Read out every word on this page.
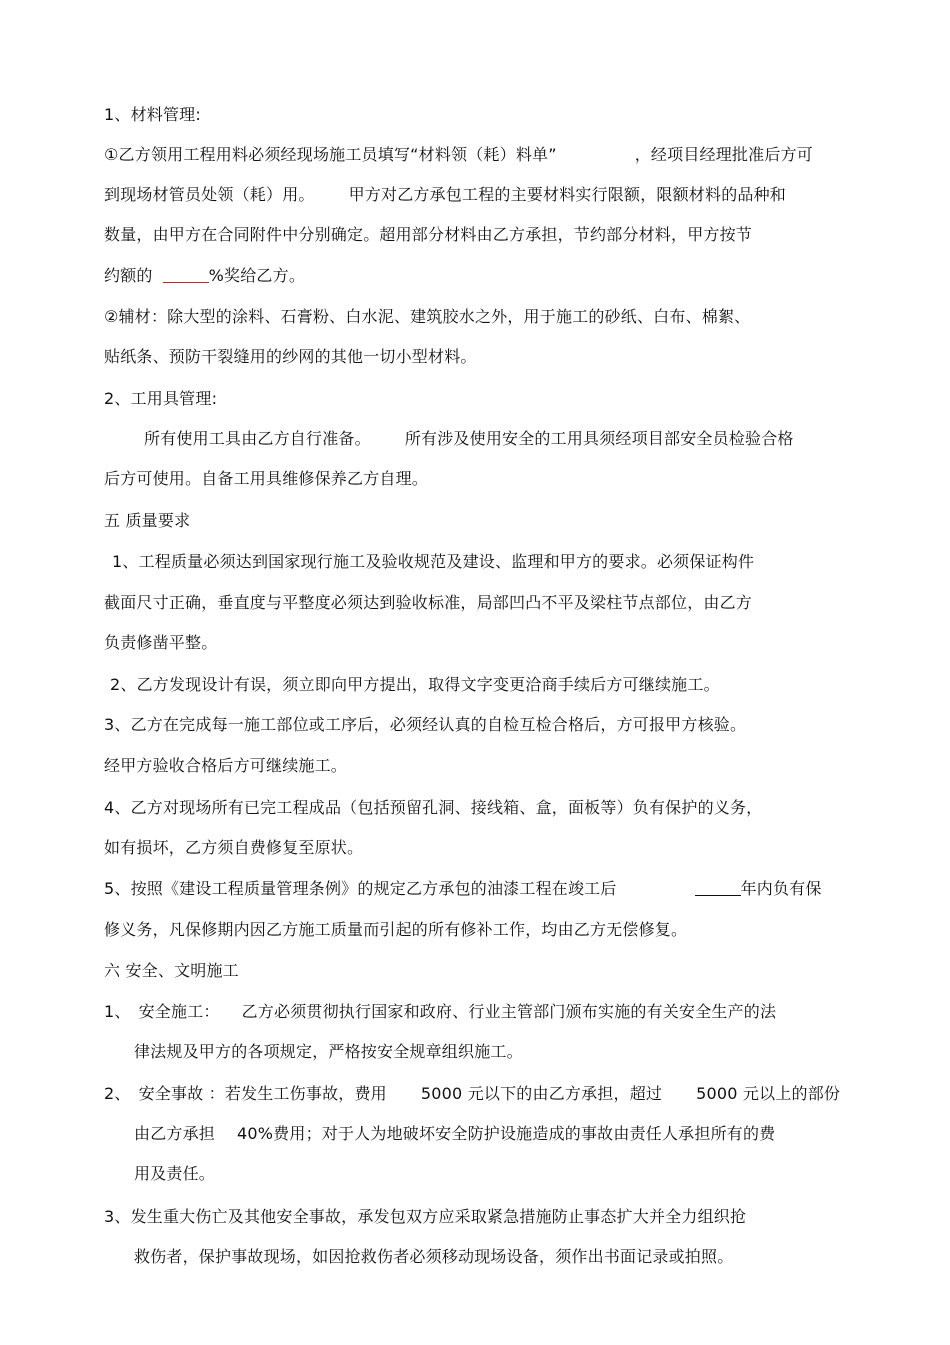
1、材料管理:
①乙方领用工程用料必须经现场施工员填写“材料领（耗）料单”	，经项目经理批准后方可
到现场材管员处领（耗）用。 甲方对乙方承包工程的主要材料实行限额，限额材料的品种和
数量，由甲方在合同附件中分别确定。超用部分材料由乙方承担，节约部分材料，甲方按节
约额的	%奖给乙方。
②辅材：除大型的涂料、石膏粉、白水泥、建筑胶水之外，用于施工的砂纸、白布、棉絮、
贴纸条、预防干裂缝用的纱网的其他一切小型材料。
2、工用具管理:
所有使用工具由乙方自行准备。 所有涉及使用安全的工用具须经项目部安全员检验合格
后方可使用。自备工用具维修保养乙方自理。
五 质量要求
1、工程质量必须达到国家现行施工及验收规范及建设、监理和甲方的要求。必须保证构件
截面尺寸正确，垂直度与平整度必须达到验收标准，局部凹凸不平及梁柱节点部位，由乙方
负责修凿平整。
2、乙方发现设计有误，须立即向甲方提出，取得文字变更洽商手续后方可继续施工。
3、乙方在完成每一施工部位或工序后，必须经认真的自检互检合格后，方可报甲方核验。
经甲方验收合格后方可继续施工。
4、乙方对现场所有已完工程成品（包括预留孔洞、接线箱、盒，面板等）负有保护的义务，
如有损坏，乙方须自费修复至原状。
5、按照《建设工程质量管理条例》的规定乙方承包的油漆工程在竣工后	年内负有保
修义务，凡保修期内因乙方施工质量而引起的所有修补工作，均由乙方无偿修复。
六 安全、文明施工
1、 安全施工： 乙方必须贯彻执行国家和政府、行业主管部门颁布实施的有关安全生产的法
律法规及甲方的各项规定，严格按安全规章组织施工。
2、 安全事故 ：若发生工伤事故，费用 5000 元以下的由乙方承担，超过 5000 元以上的部份
由乙方承担 40%费用；对于人为地破坏安全防护设施造成的事故由责任人承担所有的费
用及责任。
3、发生重大伤亡及其他安全事故，承发包双方应采取紧急措施防止事态扩大并全力组织抢
救伤者，保护事故现场，如因抢救伤者必须移动现场设备，须作出书面记录或拍照。
